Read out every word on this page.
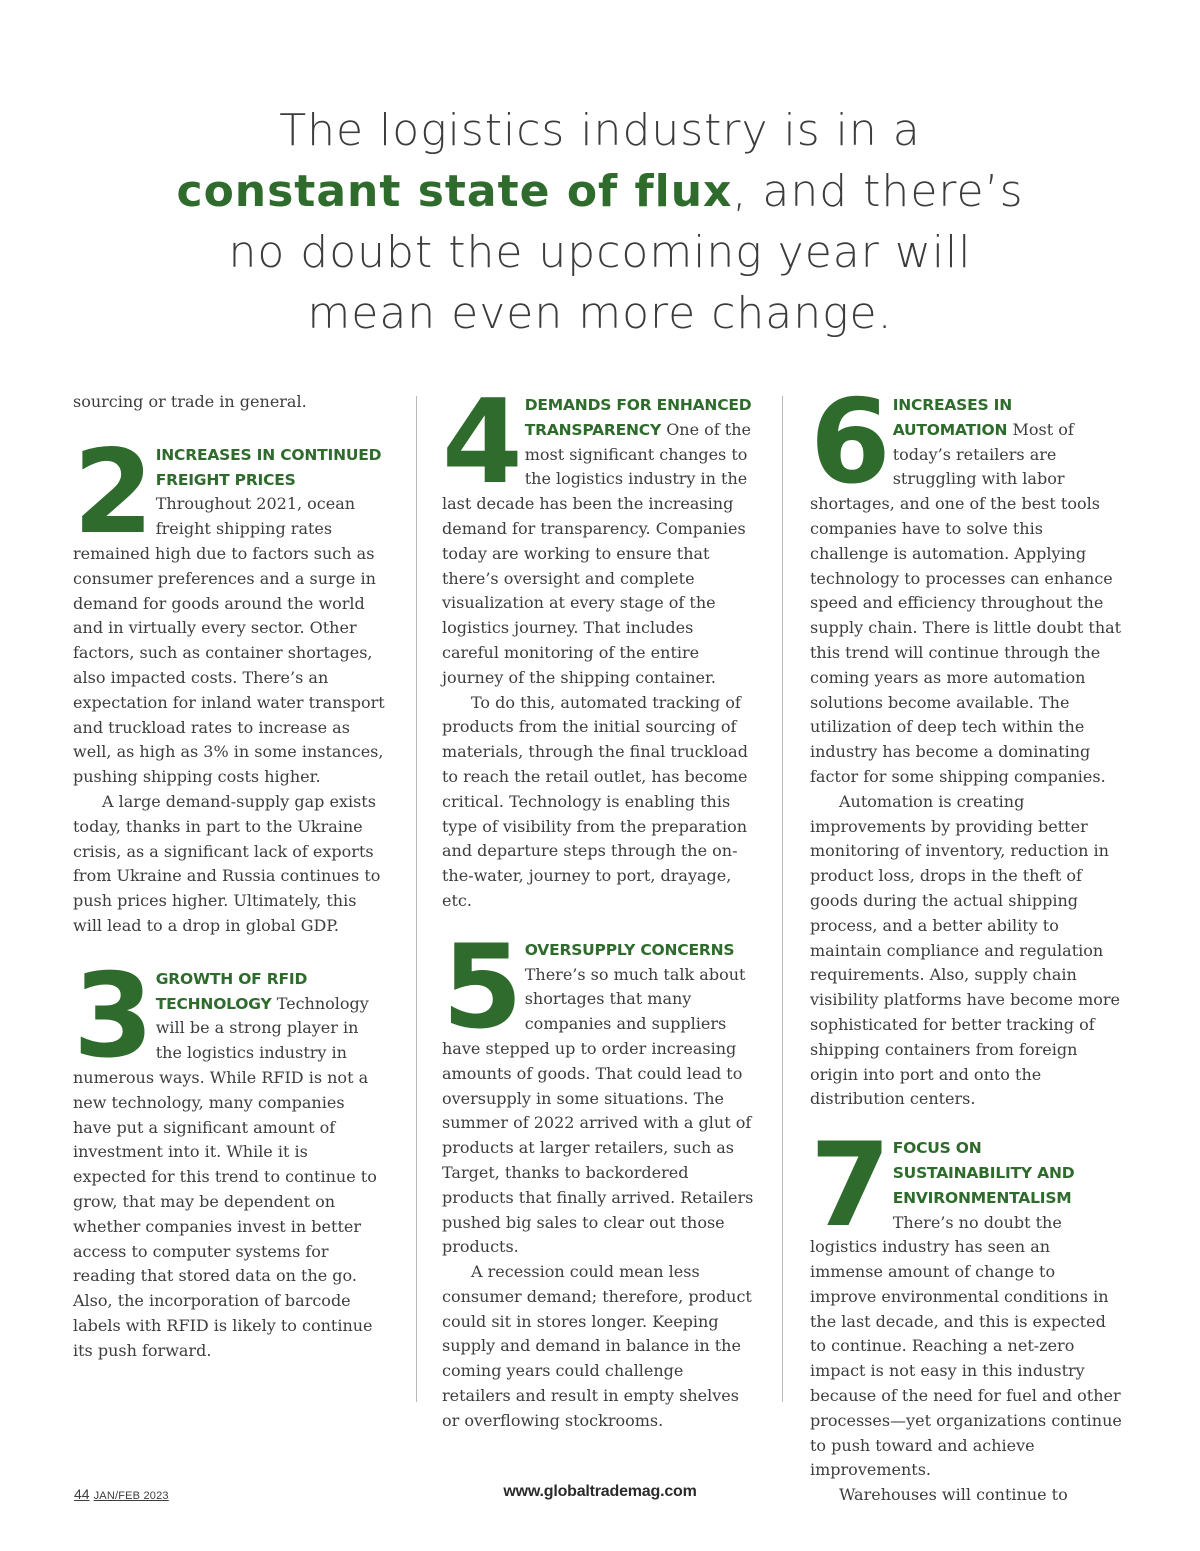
The logistics industry is in a
constant state of flux, and there’s
no doubt the upcoming year will
mean even more change.

sourcing or trade in general.

2 INCREASES IN CONTINUED FREIGHT PRICES

Throughout 2021, ocean freight shipping rates remained high due to factors such as consumer preferences and a surge in demand for goods around the world and in virtually every sector. Other factors, such as container shortages, also impacted costs. There’s an expectation for inland water transport and truckload rates to increase as well, as high as 3% in some instances, pushing shipping costs higher.

A large demand-supply gap exists today, thanks in part to the Ukraine crisis, as a significant lack of exports from Ukraine and Russia continues to push prices higher. Ultimately, this will lead to a drop in global GDP.

3 GROWTH OF RFID TECHNOLOGY

Technology will be a strong player in the logistics industry in numerous ways. While RFID is not a new technology, many companies have put a significant amount of investment into it. While it is expected for this trend to continue to grow, that may be dependent on whether companies invest in better access to computer systems for reading that stored data on the go. Also, the incorporation of barcode labels with RFID is likely to continue its push forward.

4 DEMANDS FOR ENHANCED TRANSPARENCY

One of the most significant changes to the logistics industry in the last decade has been the increasing demand for transparency. Companies today are working to ensure that there’s oversight and complete visualization at every stage of the logistics journey. That includes careful monitoring of the entire journey of the shipping container.

To do this, automated tracking of products from the initial sourcing of materials, through the final truckload to reach the retail outlet, has become critical. Technology is enabling this type of visibility from the preparation and departure steps through the on-the-water, journey to port, drayage, etc.

5 OVERSUPPLY CONCERNS

There’s so much talk about shortages that many companies and suppliers have stepped up to order increasing amounts of goods. That could lead to oversupply in some situations. The summer of 2022 arrived with a glut of products at larger retailers, such as Target, thanks to backordered products that finally arrived. Retailers pushed big sales to clear out those products.

A recession could mean less consumer demand; therefore, product could sit in stores longer. Keeping supply and demand in balance in the coming years could challenge retailers and result in empty shelves or overflowing stockrooms.

6 INCREASES IN AUTOMATION

Most of today’s retailers are struggling with labor shortages, and one of the best tools companies have to solve this challenge is automation. Applying technology to processes can enhance speed and efficiency throughout the supply chain. There is little doubt that this trend will continue through the coming years as more automation solutions become available. The utilization of deep tech within the industry has become a dominating factor for some shipping companies.

Automation is creating improvements by providing better monitoring of inventory, reduction in product loss, drops in the theft of goods during the actual shipping process, and a better ability to maintain compliance and regulation requirements. Also, supply chain visibility platforms have become more sophisticated for better tracking of shipping containers from foreign origin into port and onto the distribution centers.

7 FOCUS ON SUSTAINABILITY AND ENVIRONMENTALISM

There’s no doubt the logistics industry has seen an immense amount of change to improve environmental conditions in the last decade, and this is expected to continue. Reaching a net-zero impact is not easy in this industry because of the need for fuel and other processes—yet organizations continue to push toward and achieve improvements.

Warehouses will continue to

44 JAN/FEB 2023	www.globaltrademag.com
